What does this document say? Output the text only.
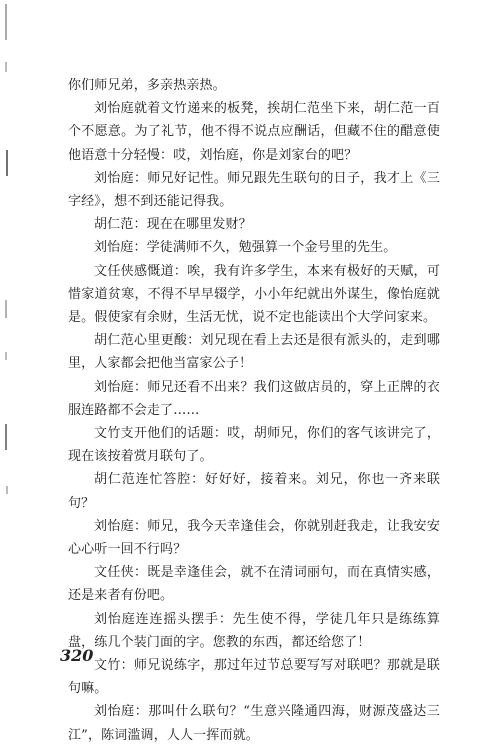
你们师兄弟，多亲热亲热。

刘怡庭就着文竹递来的板凳，挨胡仁范坐下来，胡仁范一百个不愿意。为了礼节，他不得不说点应酬话，但藏不住的醋意使他语意十分轻慢：哎，刘怡庭，你是刘家台的吧？

刘怡庭：师兄好记性。师兄跟先生联句的日子，我才上《三字经》，想不到还能记得我。

胡仁范：现在在哪里发财？

刘怡庭：学徒满师不久，勉强算一个金号里的先生。

文任侠感慨道：唉，我有许多学生，本来有极好的天赋，可惜家道贫寒，不得不早早辍学，小小年纪就出外谋生，像怡庭就是。假使家有余财，生活无忧，说不定也能读出个大学问家来。

胡仁范心里更酸：刘兄现在看上去还是很有派头的，走到哪里，人家都会把他当富家公子！

刘怡庭：师兄还看不出来？我们这做店员的，穿上正牌的衣服连路都不会走了……

文竹支开他们的话题：哎，胡师兄，你们的客气该讲完了，现在该按着赏月联句了。

胡仁范连忙答腔：好好好，接着来。刘兄，你也一齐来联句？

刘怡庭：师兄，我今天幸逢佳会，你就别赶我走，让我安安心心听一回不行吗？

文任侠：既是幸逢佳会，就不在清词丽句，而在真情实感，还是来者有份吧。

刘怡庭连连摇头摆手：先生使不得，学徒几年只是练练算盘，练几个装门面的字。您教的东西，都还给您了！

文竹：师兄说练字，那过年过节总要写写对联吧？那就是联句嘛。

刘怡庭：那叫什么联句？“生意兴隆通四海，财源茂盛达三江”，陈词滥调，人人一挥而就。

320
